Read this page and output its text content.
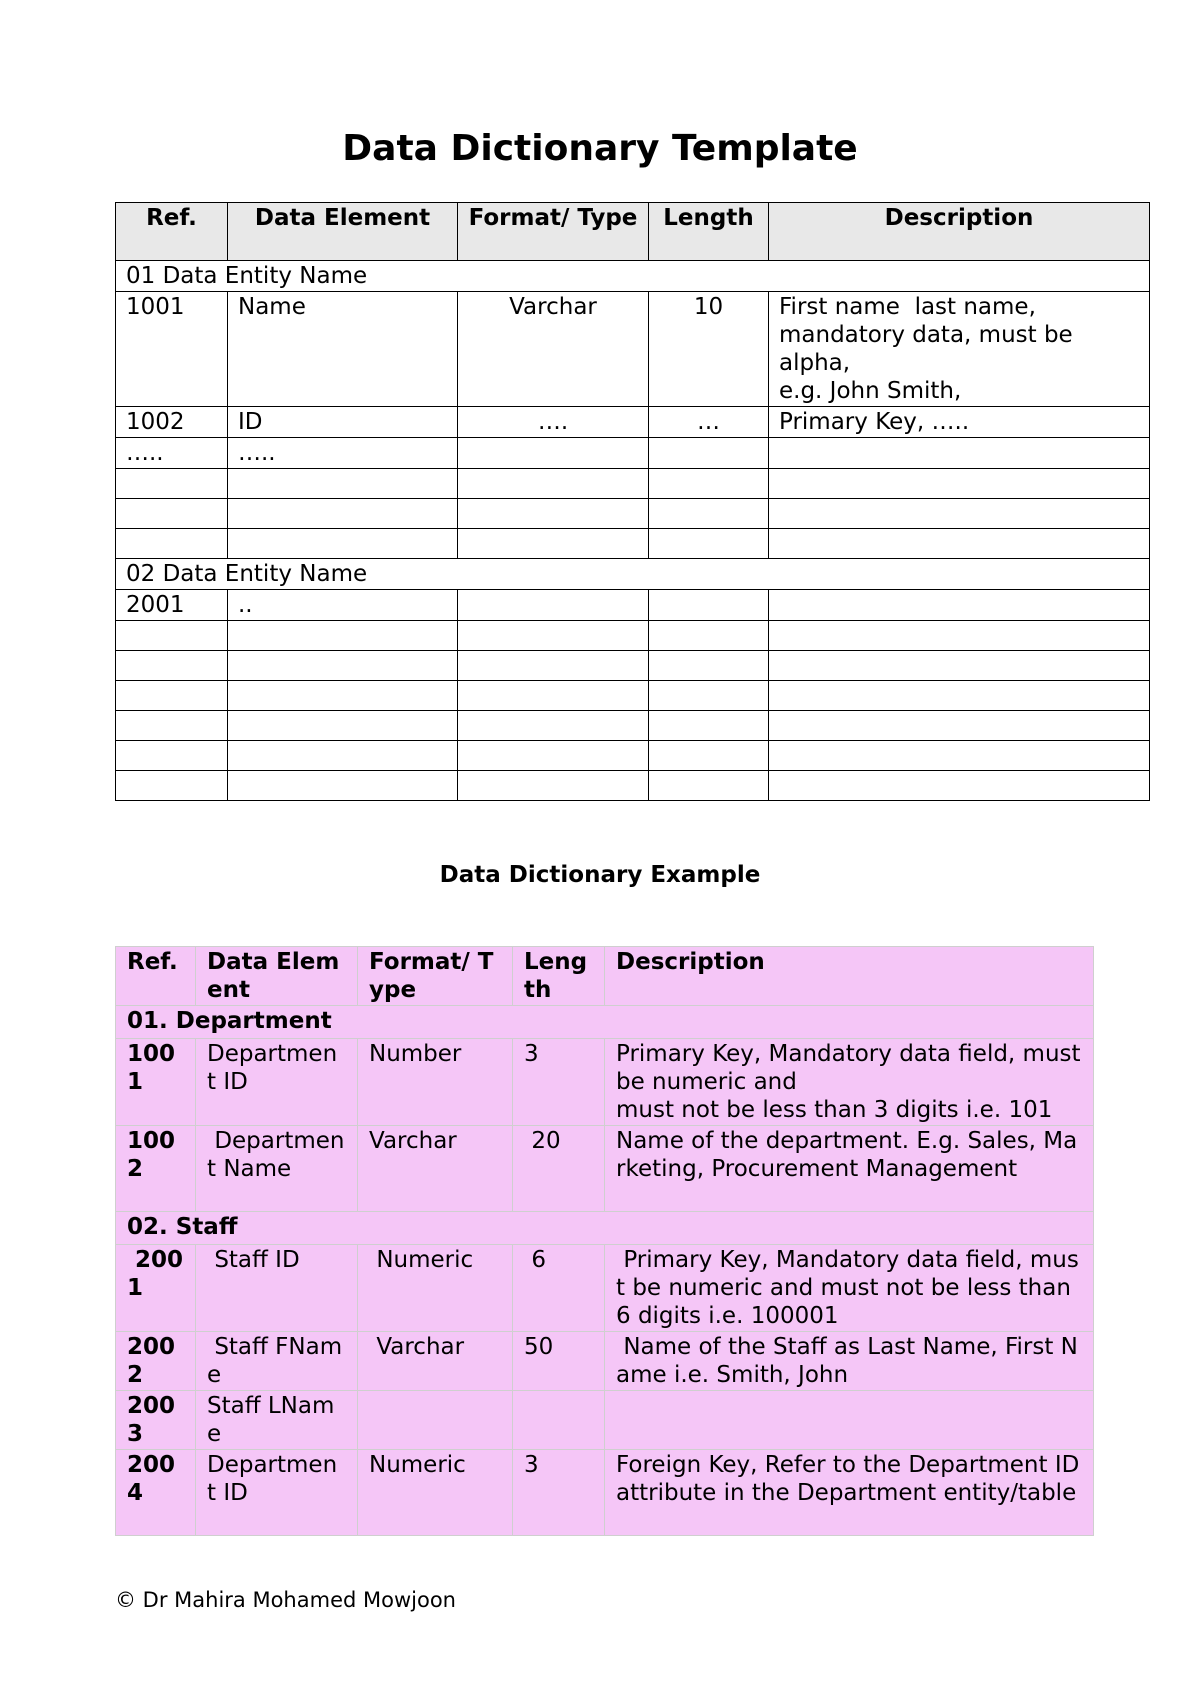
Data Dictionary Template
Ref.	Data Element	Format/ Type	Length	Description
01 Data Entity Name				
1001	Name	Varchar	10	First name  last name, mandatory data, must be alpha,
e.g. John Smith,
1002	ID	….	…	Primary Key, …..
…..	…..			

02 Data Entity Name				
2001	..			

Data Dictionary Example
Ref.	Data Element	Format/ Type	Length	Description
01. Department				
1001	Department ID	Number	3	Primary Key, Mandatory data field, must be numeric and
must not be less than 3 digits i.e. 101
1002	Department Name	Varchar	20	Name of the department. E.g. Sales, Marketing, Procurement Management
02. Staff				
2001	Staff ID	Numeric	6	Primary Key, Mandatory data field, must be numeric and must not be less than 6 digits i.e. 100001
2002	Staff FName	Varchar	50	Name of the Staff as Last Name, First Name i.e. Smith, John
2003	Staff LName			
2004	Department ID	Numeric	3	Foreign Key, Refer to the Department ID attribute in the Department entity/table
© Dr Mahira Mohamed Mowjoon
